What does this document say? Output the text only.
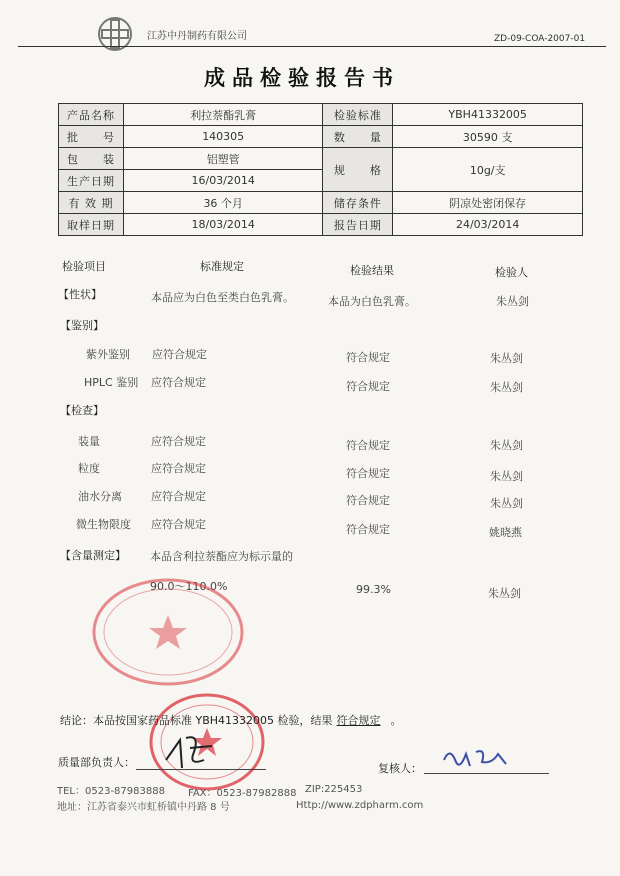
江苏中丹制药有限公司	ZD-09-COA-2007-01
成品检验报告书
产品名称	利拉萘酯乳膏	检验标准	YBH41332005
批　　号	140305	数　　量	30590 支
包　　装	铝塑管	规　　格	10g/支
生产日期	16/03/2014		
有 效 期	36 个月	储存条件	阴凉处密闭保存
取样日期	18/03/2014	报告日期	24/03/2014
检验项目	标准规定	检验结果	检验人
【性状】	本品应为白色至类白色乳膏。	本品为白色乳膏。	朱丛剑
【鉴别】
紫外鉴别 应符合规定	符合规定	朱丛剑
HPLC 鉴别 应符合规定	符合规定	朱丛剑
【检查】
装量	应符合规定	符合规定	朱丛剑
粒度	应符合规定	符合规定	朱丛剑
油水分离	应符合规定	符合规定	朱丛剑
微生物限度 应符合规定	符合规定	姚晓燕
【含量测定】 本品含利拉萘酯应为标示量的
90.0～110.0%	99.3%	朱丛剑
结论：本品按国家药品标准 YBH41332005 检验，结果 符合规定 。
质量部负责人：	复核人：
TEL：0523-87983888 FAX：0523-87982888 ZIP:225453
地址：江苏省泰兴市虹桥镇中丹路 8 号	Http://www.zdpharm.com
